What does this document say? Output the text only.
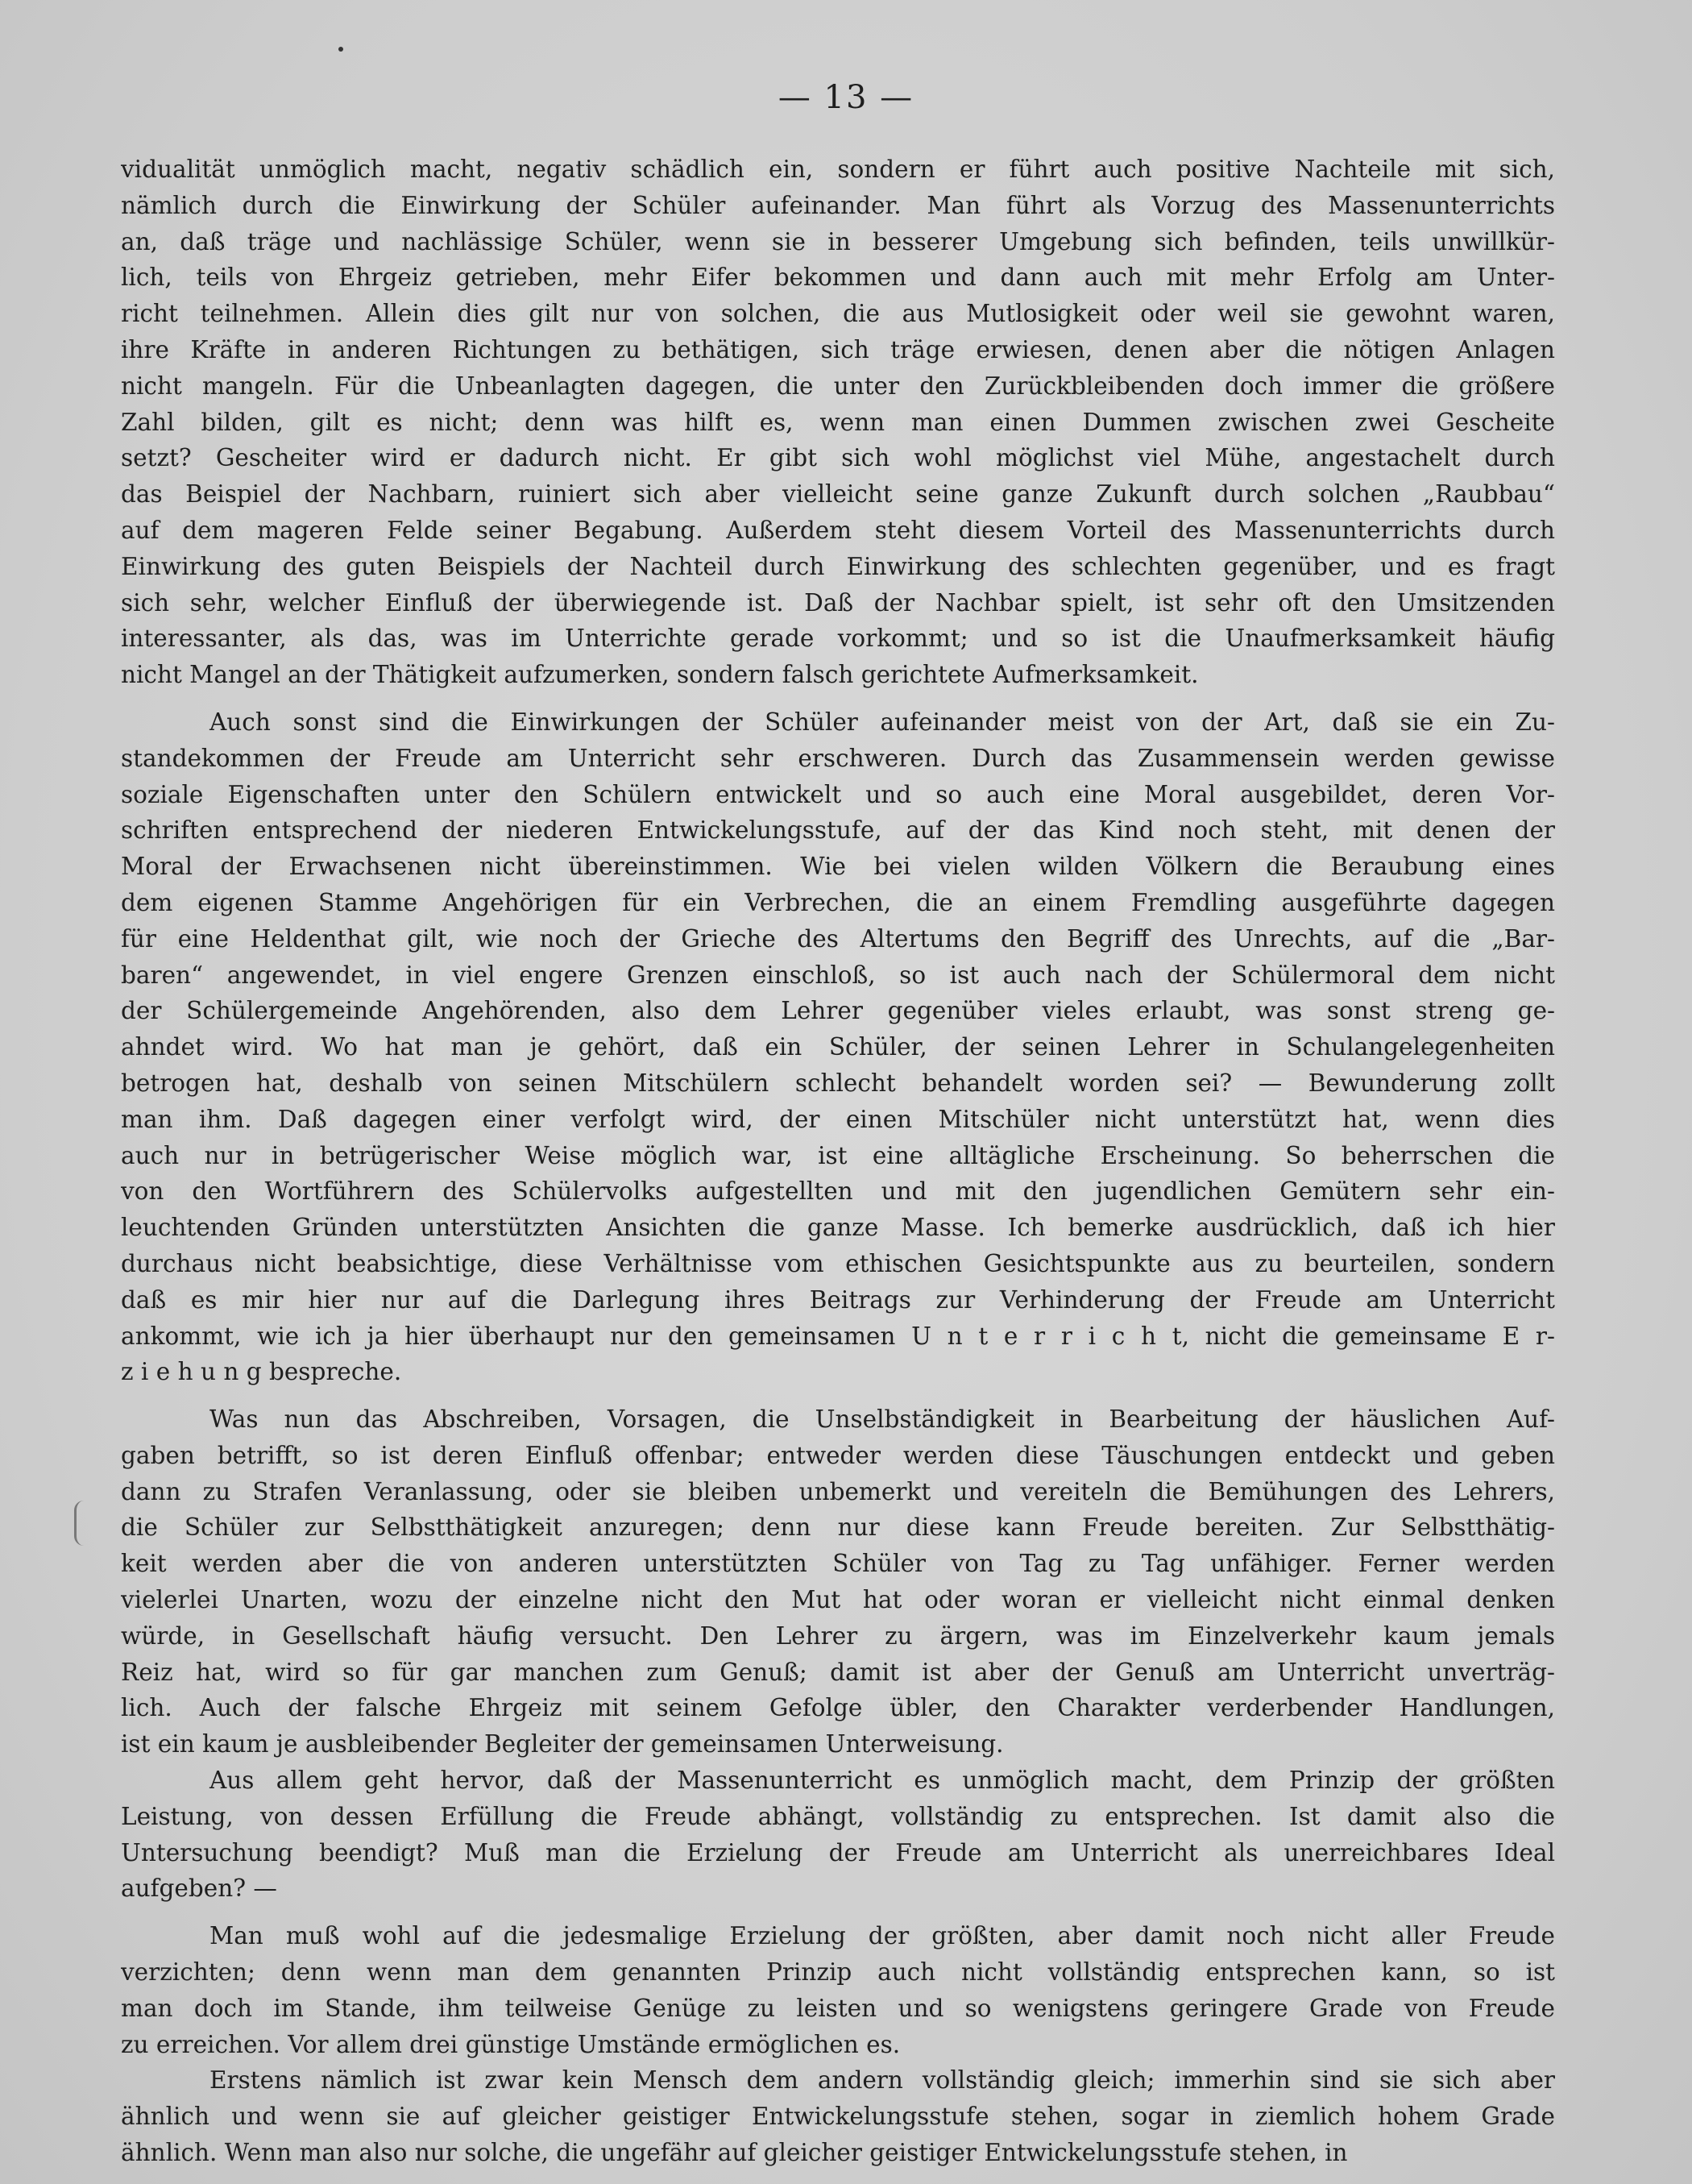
— 13 —
vidualität unmöglich macht, negativ schädlich ein, sondern er führt auch positive Nachteile mit sich,
nämlich durch die Einwirkung der Schüler aufeinander. Man führt als Vorzug des Massenunterrichts
an, daß träge und nachlässige Schüler, wenn sie in besserer Umgebung sich befinden, teils unwillkür-
lich, teils von Ehrgeiz getrieben, mehr Eifer bekommen und dann auch mit mehr Erfolg am Unter-
richt teilnehmen. Allein dies gilt nur von solchen, die aus Mutlosigkeit oder weil sie gewohnt waren,
ihre Kräfte in anderen Richtungen zu bethätigen, sich träge erwiesen, denen aber die nötigen Anlagen
nicht mangeln. Für die Unbeanlagten dagegen, die unter den Zurückbleibenden doch immer die größere
Zahl bilden, gilt es nicht; denn was hilft es, wenn man einen Dummen zwischen zwei Gescheite
setzt? Gescheiter wird er dadurch nicht. Er gibt sich wohl möglichst viel Mühe, angestachelt durch
das Beispiel der Nachbarn, ruiniert sich aber vielleicht seine ganze Zukunft durch solchen „Raubbau“
auf dem mageren Felde seiner Begabung. Außerdem steht diesem Vorteil des Massenunterrichts durch
Einwirkung des guten Beispiels der Nachteil durch Einwirkung des schlechten gegenüber, und es fragt
sich sehr, welcher Einfluß der überwiegende ist. Daß der Nachbar spielt, ist sehr oft den Umsitzenden
interessanter, als das, was im Unterrichte gerade vorkommt; und so ist die Unaufmerksamkeit häufig
nicht Mangel an der Thätigkeit aufzumerken, sondern falsch gerichtete Aufmerksamkeit.
Auch sonst sind die Einwirkungen der Schüler aufeinander meist von der Art, daß sie ein Zu-
standekommen der Freude am Unterricht sehr erschweren. Durch das Zusammensein werden gewisse
soziale Eigenschaften unter den Schülern entwickelt und so auch eine Moral ausgebildet, deren Vor-
schriften entsprechend der niederen Entwickelungsstufe, auf der das Kind noch steht, mit denen der
Moral der Erwachsenen nicht übereinstimmen. Wie bei vielen wilden Völkern die Beraubung eines
dem eigenen Stamme Angehörigen für ein Verbrechen, die an einem Fremdling ausgeführte dagegen
für eine Heldenthat gilt, wie noch der Grieche des Altertums den Begriff des Unrechts, auf die „Bar-
baren“ angewendet, in viel engere Grenzen einschloß, so ist auch nach der Schülermoral dem nicht
der Schülergemeinde Angehörenden, also dem Lehrer gegenüber vieles erlaubt, was sonst streng ge-
ahndet wird. Wo hat man je gehört, daß ein Schüler, der seinen Lehrer in Schulangelegenheiten
betrogen hat, deshalb von seinen Mitschülern schlecht behandelt worden sei? — Bewunderung zollt
man ihm. Daß dagegen einer verfolgt wird, der einen Mitschüler nicht unterstützt hat, wenn dies
auch nur in betrügerischer Weise möglich war, ist eine alltägliche Erscheinung. So beherrschen die
von den Wortführern des Schülervolks aufgestellten und mit den jugendlichen Gemütern sehr ein-
leuchtenden Gründen unterstützten Ansichten die ganze Masse. Ich bemerke ausdrücklich, daß ich hier
durchaus nicht beabsichtige, diese Verhältnisse vom ethischen Gesichtspunkte aus zu beurteilen, sondern
daß es mir hier nur auf die Darlegung ihres Beitrags zur Verhinderung der Freude am Unterricht
ankommt, wie ich ja hier überhaupt nur den gemeinsamen U n t e r r i c h t, nicht die gemeinsame E r-
z i e h u n g bespreche.
Was nun das Abschreiben, Vorsagen, die Unselbständigkeit in Bearbeitung der häuslichen Auf-
gaben betrifft, so ist deren Einfluß offenbar; entweder werden diese Täuschungen entdeckt und geben
dann zu Strafen Veranlassung, oder sie bleiben unbemerkt und vereiteln die Bemühungen des Lehrers,
die Schüler zur Selbstthätigkeit anzuregen; denn nur diese kann Freude bereiten. Zur Selbstthätig-
keit werden aber die von anderen unterstützten Schüler von Tag zu Tag unfähiger. Ferner werden
vielerlei Unarten, wozu der einzelne nicht den Mut hat oder woran er vielleicht nicht einmal denken
würde, in Gesellschaft häufig versucht. Den Lehrer zu ärgern, was im Einzelverkehr kaum jemals
Reiz hat, wird so für gar manchen zum Genuß; damit ist aber der Genuß am Unterricht unverträg-
lich. Auch der falsche Ehrgeiz mit seinem Gefolge übler, den Charakter verderbender Handlungen,
ist ein kaum je ausbleibender Begleiter der gemeinsamen Unterweisung.
Aus allem geht hervor, daß der Massenunterricht es unmöglich macht, dem Prinzip der größten
Leistung, von dessen Erfüllung die Freude abhängt, vollständig zu entsprechen. Ist damit also die
Untersuchung beendigt? Muß man die Erzielung der Freude am Unterricht als unerreichbares Ideal
aufgeben? —
Man muß wohl auf die jedesmalige Erzielung der größten, aber damit noch nicht aller Freude
verzichten; denn wenn man dem genannten Prinzip auch nicht vollständig entsprechen kann, so ist
man doch im Stande, ihm teilweise Genüge zu leisten und so wenigstens geringere Grade von Freude
zu erreichen. Vor allem drei günstige Umstände ermöglichen es.
Erstens nämlich ist zwar kein Mensch dem andern vollständig gleich; immerhin sind sie sich aber
ähnlich und wenn sie auf gleicher geistiger Entwickelungsstufe stehen, sogar in ziemlich hohem Grade
ähnlich. Wenn man also nur solche, die ungefähr auf gleicher geistiger Entwickelungsstufe stehen, in
